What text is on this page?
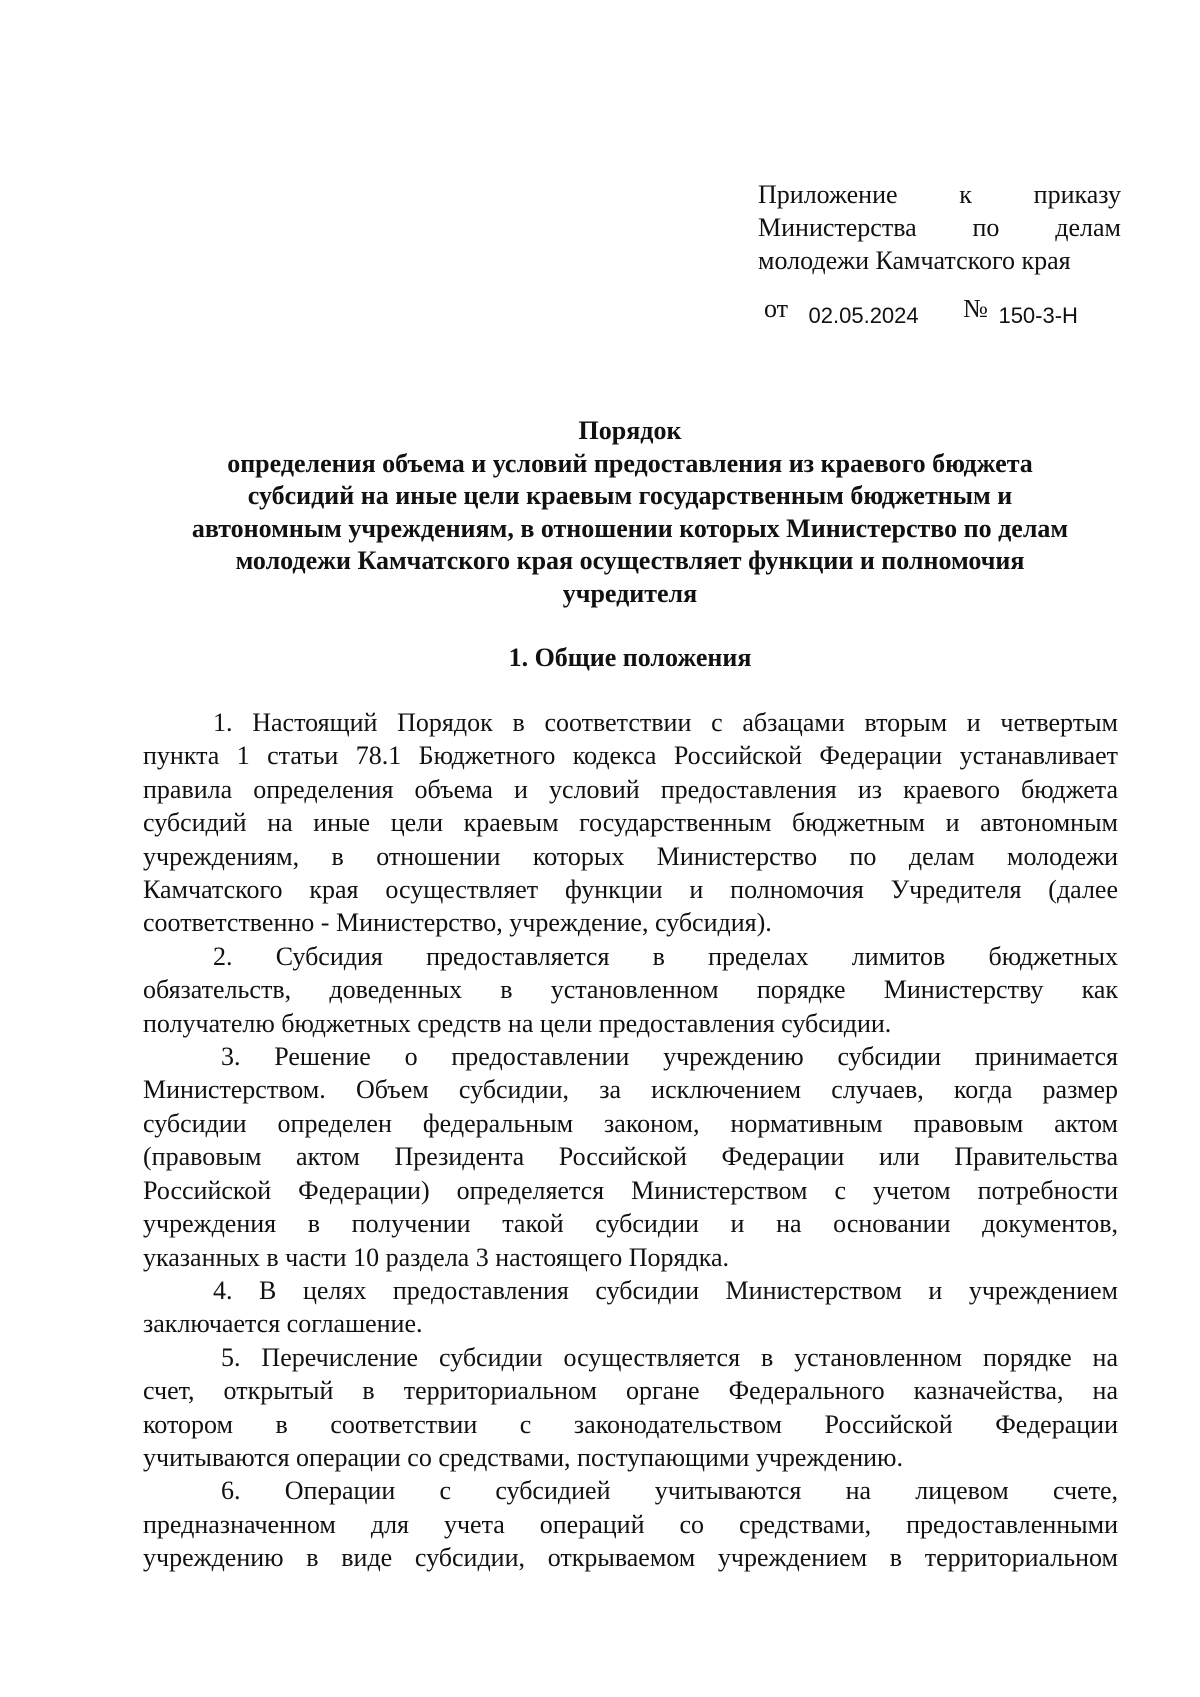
Приложение к приказу
Министерства по делам
молодежи Камчатского края
от 02.05.2024 № 150-3-Н
Порядок
определения объема и условий предоставления из краевого бюджета
субсидий на иные цели краевым государственным бюджетным и
автономным учреждениям, в отношении которых Министерство по делам
молодежи Камчатского края осуществляет функции и полномочия
учредителя
1. Общие положения
1. Настоящий Порядок в соответствии с абзацами вторым и четвертым
пункта 1 статьи 78.1 Бюджетного кодекса Российской Федерации устанавливает
правила определения объема и условий предоставления из краевого бюджета
субсидий на иные цели краевым государственным бюджетным и автономным
учреждениям, в отношении которых Министерство по делам молодежи
Камчатского края осуществляет функции и полномочия Учредителя (далее
соответственно - Министерство, учреждение, субсидия).
2. Субсидия предоставляется в пределах лимитов бюджетных
обязательств, доведенных в установленном порядке Министерству как
получателю бюджетных средств на цели предоставления субсидии.
3. Решение о предоставлении учреждению субсидии принимается
Министерством. Объем субсидии, за исключением случаев, когда размер
субсидии определен федеральным законом, нормативным правовым актом
(правовым актом Президента Российской Федерации или Правительства
Российской Федерации) определяется Министерством с учетом потребности
учреждения в получении такой субсидии и на основании документов,
указанных в части 10 раздела 3 настоящего Порядка.
4. В целях предоставления субсидии Министерством и учреждением
заключается соглашение.
5. Перечисление субсидии осуществляется в установленном порядке на
счет, открытый в территориальном органе Федерального казначейства, на
котором в соответствии с законодательством Российской Федерации
учитываются операции со средствами, поступающими учреждению.
6. Операции с субсидией учитываются на лицевом счете,
предназначенном для учета операций со средствами, предоставленными
учреждению в виде субсидии, открываемом учреждением в территориальном
